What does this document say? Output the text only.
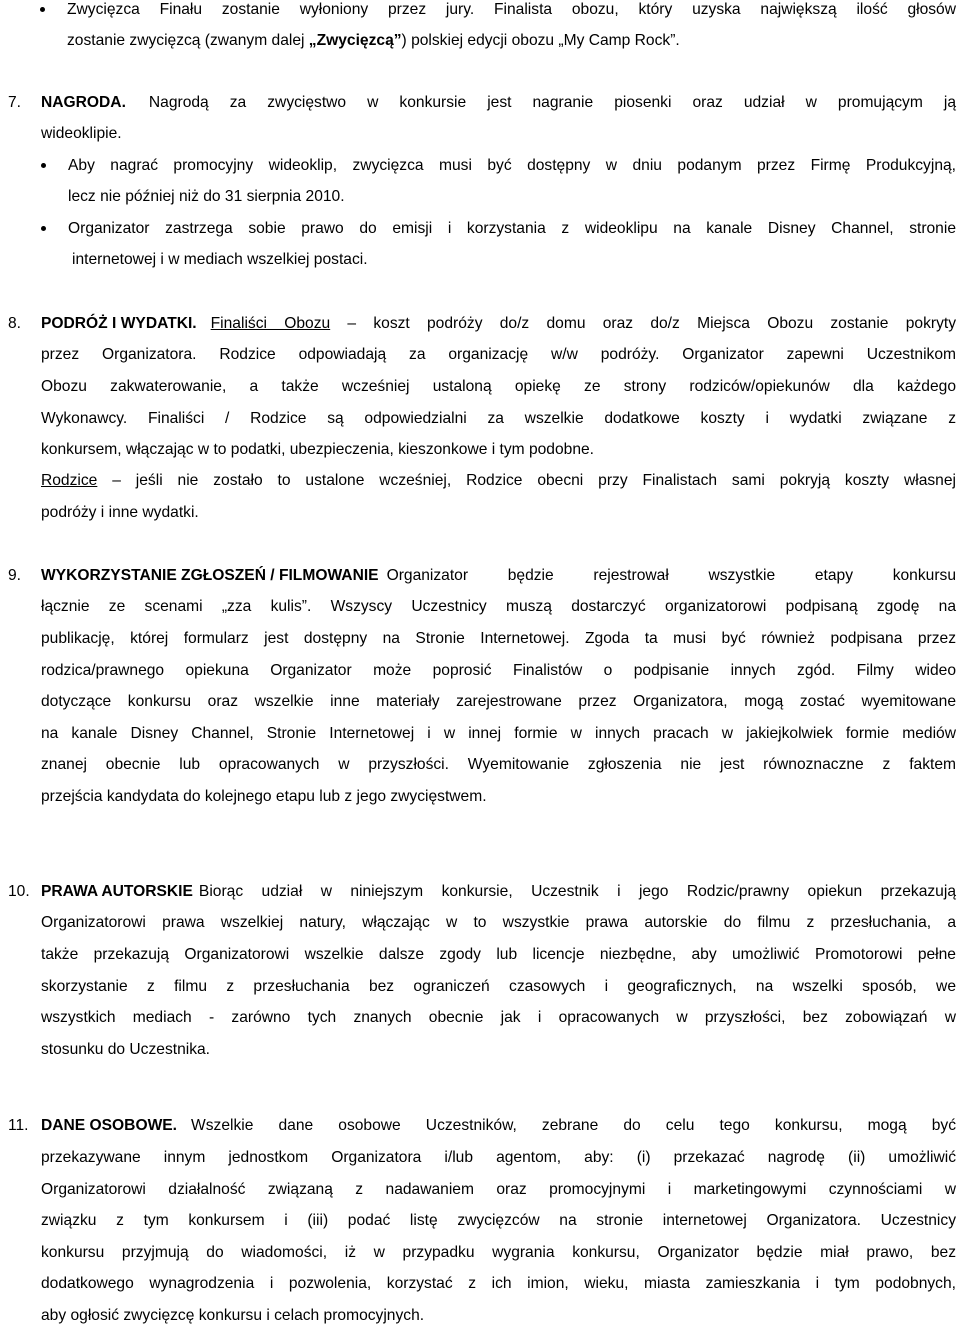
Zwycięzca Finału zostanie wyłoniony przez jury. Finalista obozu, który uzyska największą ilość głosów
zostanie zwycięzcą (zwanym dalej „Zwycięzcą”) polskiej edycji obozu „My Camp Rock”.
7. NAGRODA. Nagrodą za zwycięstwo w konkursie jest nagranie piosenki oraz udział w promującym ją
wideoklipie.
Aby nagrać promocyjny wideoklip, zwycięzca musi być dostępny w dniu podanym przez Firmę Produkcyjną,
lecz nie później niż do 31 sierpnia 2010.
Organizator zastrzega sobie prawo do emisji i korzystania z wideoklipu na kanale Disney Channel, stronie
internetowej i w mediach wszelkiej postaci.
8. PODRÓŻ I WYDATKI. Finaliści Obozu – koszt podróży do/z domu oraz do/z Miejsca Obozu zostanie pokryty
przez Organizatora. Rodzice odpowiadają za organizację w/w podróży. Organizator zapewni Uczestnikom
Obozu zakwaterowanie, a także wcześniej ustaloną opiekę ze strony rodziców/opiekunów dla każdego
Wykonawcy. Finaliści / Rodzice są odpowiedzialni za wszelkie dodatkowe koszty i wydatki związane z
konkursem, włączając w to podatki, ubezpieczenia, kieszonkowe i tym podobne.
Rodzice – jeśli nie zostało to ustalone wcześniej, Rodzice obecni przy Finalistach sami pokryją koszty własnej
podróży i inne wydatki.
9. WYKORZYSTANIE ZGŁOSZEŃ / FILMOWANIE Organizator będzie rejestrował wszystkie etapy konkursu
łącznie ze scenami „zza kulis”. Wszyscy Uczestnicy muszą dostarczyć organizatorowi podpisaną zgodę na
publikację, której formularz jest dostępny na Stronie Internetowej. Zgoda ta musi być również podpisana przez
rodzica/prawnego opiekuna Organizator może poprosić Finalistów o podpisanie innych zgód. Filmy wideo
dotyczące konkursu oraz wszelkie inne materiały zarejestrowane przez Organizatora, mogą zostać wyemitowane
na kanale Disney Channel, Stronie Internetowej i w innej formie w innych pracach w jakiejkolwiek formie mediów
znanej obecnie lub opracowanych w przyszłości. Wyemitowanie zgłoszenia nie jest równoznaczne z faktem
przejścia kandydata do kolejnego etapu lub z jego zwycięstwem.
10. PRAWA AUTORSKIE Biorąc udział w niniejszym konkursie, Uczestnik i jego Rodzic/prawny opiekun przekazują
Organizatorowi prawa wszelkiej natury, włączając w to wszystkie prawa autorskie do filmu z przesłuchania, a
także przekazują Organizatorowi wszelkie dalsze zgody lub licencje niezbędne, aby umożliwić Promotorowi pełne
skorzystanie z filmu z przesłuchania bez ograniczeń czasowych i geograficznych, na wszelki sposób, we
wszystkich mediach - zarówno tych znanych obecnie jak i opracowanych w przyszłości, bez zobowiązań w
stosunku do Uczestnika.
11. DANE OSOBOWE. Wszelkie dane osobowe Uczestników, zebrane do celu tego konkursu, mogą być
przekazywane innym jednostkom Organizatora i/lub agentom, aby: (i) przekazać nagrodę (ii) umożliwić
Organizatorowi działalność związaną z nadawaniem oraz promocyjnymi i marketingowymi czynnościami w
związku z tym konkursem i (iii) podać listę zwycięzców na stronie internetowej Organizatora. Uczestnicy
konkursu przyjmują do wiadomości, iż w przypadku wygrania konkursu, Organizator będzie miał prawo, bez
dodatkowego wynagrodzenia i pozwolenia, korzystać z ich imion, wieku, miasta zamieszkania i tym podobnych,
aby ogłosić zwycięzcę konkursu i celach promocyjnych.
